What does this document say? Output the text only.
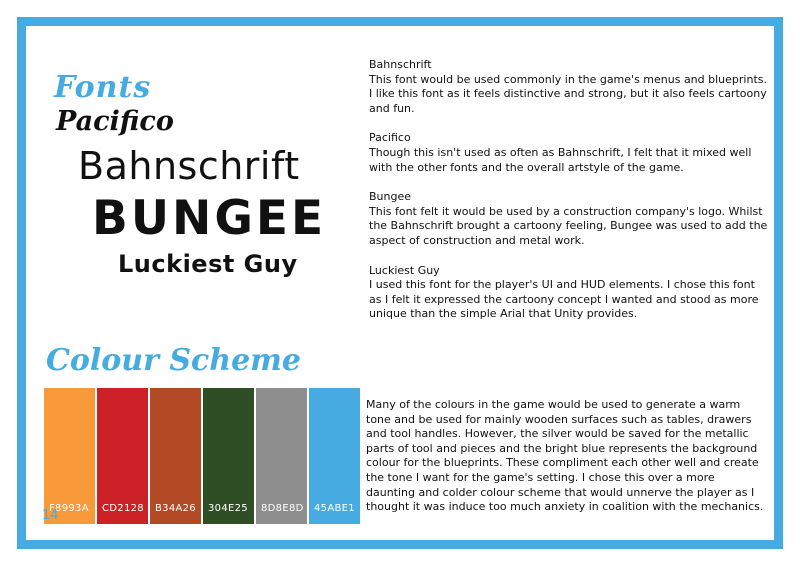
Fonts
Pacifico
Bahnschrift
BUNGEE
Luckiest Guy
Bahnschrift
This font would be used commonly in the game's menus and blueprints. I like this font as it feels distinctive and strong, but it also feels cartoony and fun.
Pacifico
Though this isn't used as often as Bahnschrift, I felt that it mixed well with the other fonts and the overall artstyle of the game.
Bungee
This font felt it would be used by a construction company's logo. Whilst the Bahnschrift brought a cartoony feeling, Bungee was used to add the aspect of construction and metal work.
Luckiest Guy
I used this font for the player's UI and HUD elements. I chose this font as I felt it expressed the cartoony concept I wanted and stood as more unique than the simple Arial that Unity provides.
Colour Scheme
F8993A CD2128 B34A26 304E25 8D8E8D 45ABE1
14
Many of the colours in the game would be used to generate a warm tone and be used for mainly wooden surfaces such as tables, drawers and tool handles. However, the silver would be saved for the metallic parts of tool and pieces and the bright blue represents the background colour for the blueprints. These compliment each other well and create the tone I want for the game's setting. I chose this over a more daunting and colder colour scheme that would unnerve the player as I thought it was induce too much anxiety in coalition with the mechanics.
